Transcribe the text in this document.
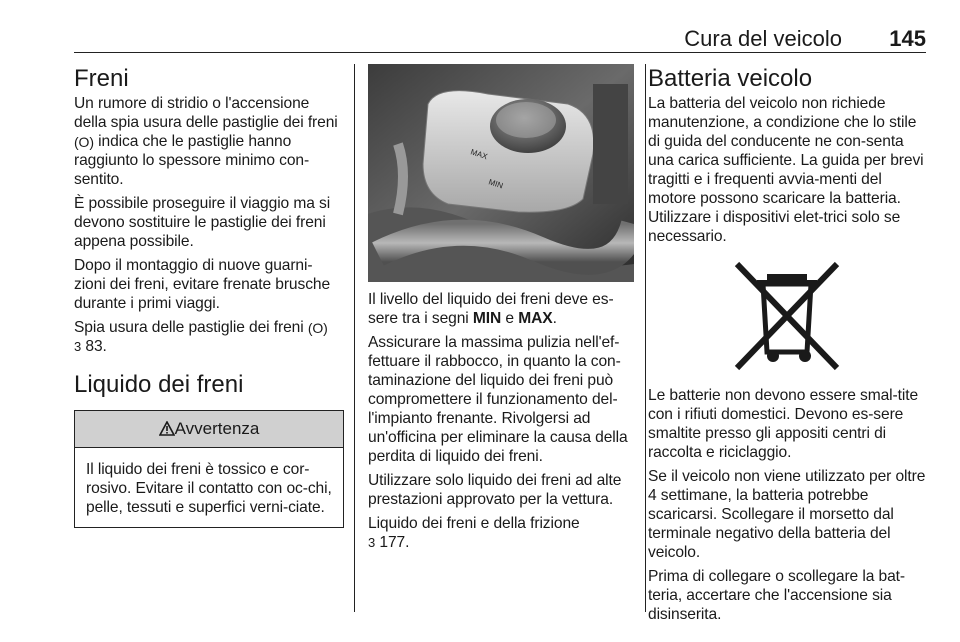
Cura del veicolo 145
Freni

Un rumore di stridio o l'accensione della spia usura delle pastiglie dei freni (O) indica che le pastiglie hanno raggiunto lo spessore minimo con‐sentito.

È possibile proseguire il viaggio ma si devono sostituire le pastiglie dei freni appena possibile.

Dopo il montaggio di nuove guarni‐zioni dei freni, evitare frenate brusche durante i primi viaggi.

Spia usura delle pastiglie dei freni (O)
3 83.

Liquido dei freni
Avvertenza

Il liquido dei freni è tossico e cor‐rosivo. Evitare il contatto con oc‐chi, pelle, tessuti e superfici verni‐ciate.

MAX
MIN

Il livello del liquido dei freni deve es‐sere tra i segni MIN e MAX.

Assicurare la massima pulizia nell'ef‐fettuare il rabbocco, in quanto la con‐taminazione del liquido dei freni può compromettere il funzionamento del‐l'impianto frenante. Rivolgersi ad un'officina per eliminare la causa della perdita di liquido dei freni.

Utilizzare solo liquido dei freni ad alte prestazioni approvato per la vettura.

Liquido dei freni e della frizione
3 177.

Batteria veicolo

La batteria del veicolo non richiede manutenzione, a condizione che lo stile di guida del conducente ne con‐senta una carica sufficiente. La guida per brevi tragitti e i frequenti avvia‐menti del motore possono scaricare la batteria. Utilizzare i dispositivi elet‐trici solo se necessario.

Le batterie non devono essere smal‐tite con i rifiuti domestici. Devono es‐sere smaltite presso gli appositi centri di raccolta e riciclaggio.

Se il veicolo non viene utilizzato per oltre 4 settimane, la batteria potrebbe scaricarsi. Scollegare il morsetto dal terminale negativo della batteria del veicolo.

Prima di collegare o scollegare la bat‐teria, accertare che l'accensione sia disinserita.
